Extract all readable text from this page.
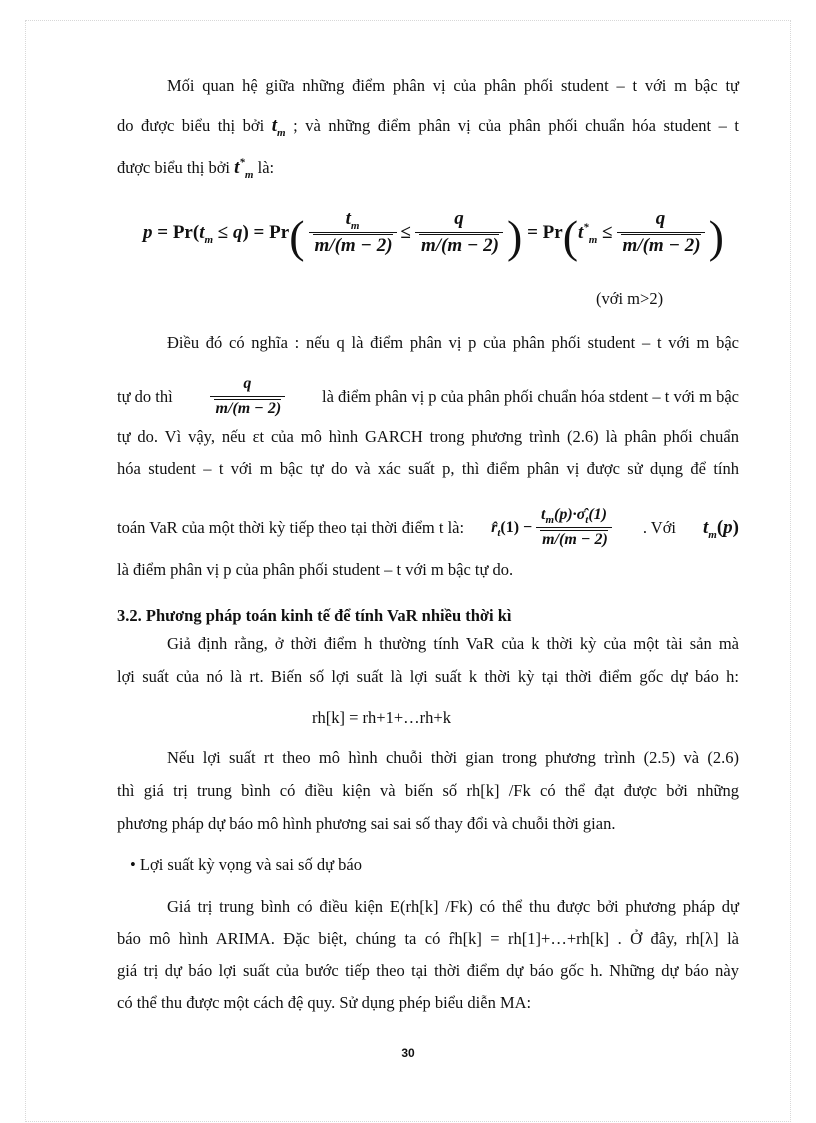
Mối quan hệ giữa những điểm phân vị của phân phối student – t với m bậc tự
do được biểu thị bởi $t_m$ ; và những điểm phân vị của phân phối chuẩn hóa student – t
được biểu thị bởi $t^*_m$ là:
p = Pr( $t_m \le q$ ) = Pr ( $\frac{t_m}{m/(m - 2)} \le \frac{q}{m/(m - 2)}$ ) = Pr ( $t^*_m \le \frac{q}{m/(m - 2)}$ )
(với m>2)
Điều đó có nghĩa : nếu q là điểm phân vị p của phân phối student – t với m bậc
tự do thì $\frac{q}{m/(m - 2)}$ là điểm phân vị p của phân phối chuẩn hóa stdent – t với m bậc
tự do. Vì vậy, nếu εt của mô hình GARCH trong phương trình (2.6) là phân phối chuẩn
hóa student – t với m bậc tự do và xác suất p, thì điểm phân vị được sử dụng để tính
toán VaR của một thời kỳ tiếp theo tại thời điểm t là: $r̂_t$ $(1) - \frac{t_m(p)\cdot\sigmâ_t(1)}{m/(m - 2)}$ . Với $t_m(p)$
là điểm phân vị p của phân phối student – t với m bậc tự do.
3.2. Phương pháp toán kinh tế để tính VaR nhiều thời kì
Giả định rằng, ở thời điểm h thường tính VaR của k thời kỳ của một tài sản mà
lợi suất của nó là rt. Biến số lợi suất là lợi suất k thời kỳ tại thời điểm gốc dự báo h:
rh[k] = rh+1+…rh+k
Nếu lợi suất rt theo mô hình chuỗi thời gian trong phương trình (2.5) và (2.6)
thì giá trị trung bình có điều kiện và biến số rh[k] /Fk có thể đạt được bởi những
phương pháp dự báo mô hình phương sai sai số thay đổi và chuỗi thời gian.
• Lợi suất kỳ vọng và sai số dự báo
Giá trị trung bình có điều kiện E(rh[k] /Fk) có thể thu được bởi phương pháp dự
báo mô hình ARIMA. Đặc biệt, chúng ta có r̂h[k] = rh[1]+…+rh[k] . Ở đây, rh[λ] là
giá trị dự báo lợi suất của bước tiếp theo tại thời điểm dự báo gốc h. Những dự báo này
có thể thu được một cách đệ quy. Sử dụng phép biểu diễn MA:
30
